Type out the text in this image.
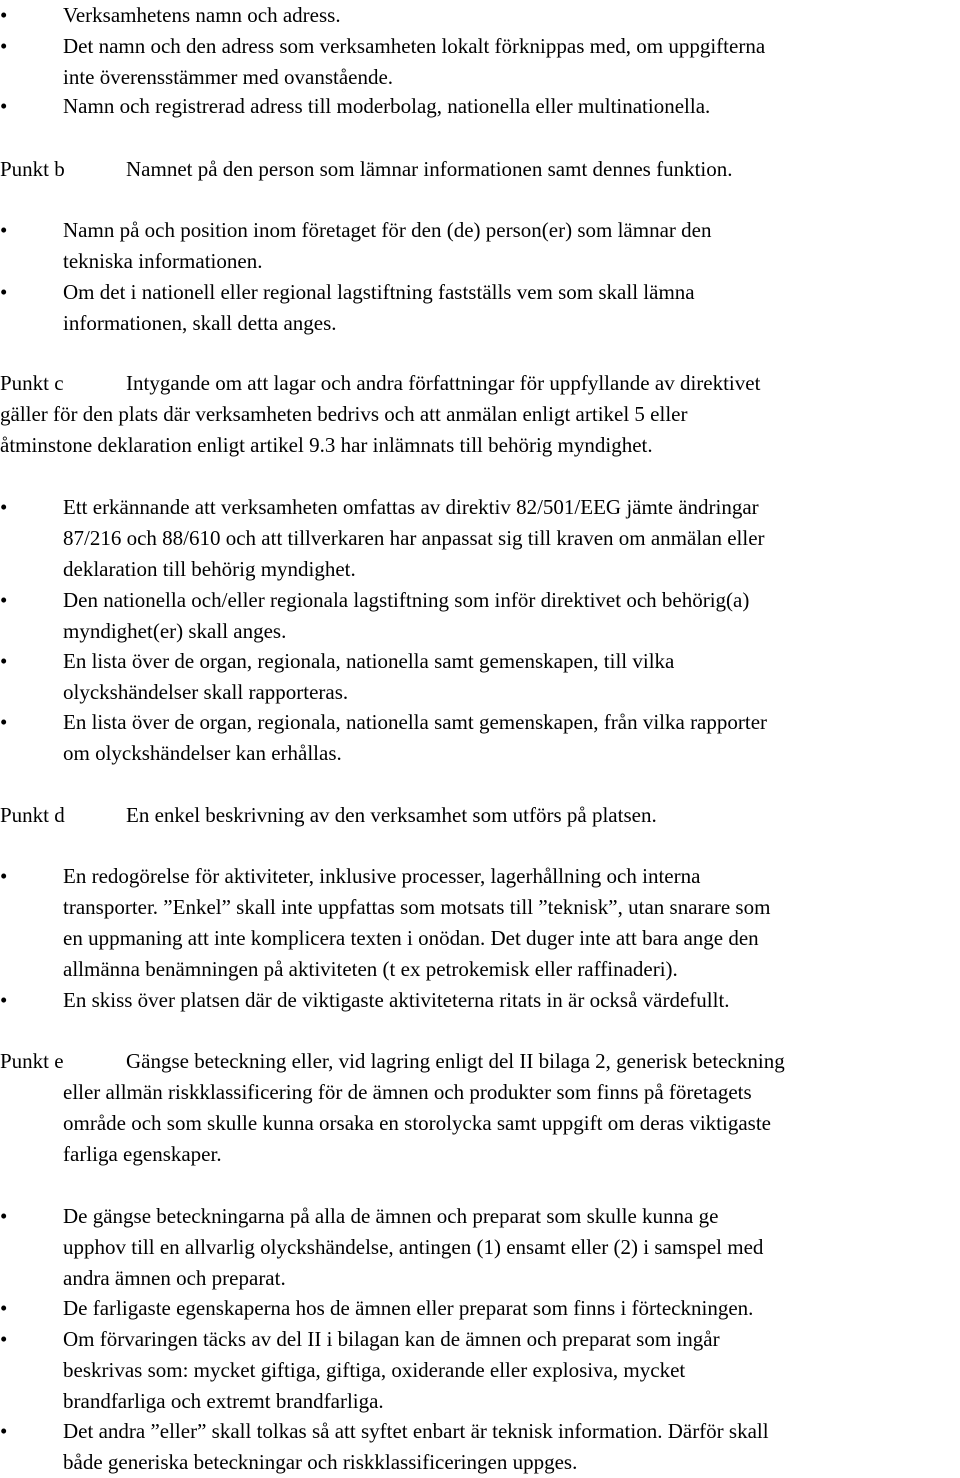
•	Verksamhetens namn och adress.
•	Det namn och den adress som verksamheten lokalt förknippas med, om uppgifterna
inte överensstämmer med ovanstående.
•	Namn och registrerad adress till moderbolag, nationella eller multinationella.
Punkt b	Namnet på den person som lämnar informationen samt dennes funktion.
•	Namn på och position inom företaget för den (de) person(er) som lämnar den
tekniska informationen.
•	Om det i nationell eller regional lagstiftning fastställs vem som skall lämna
informationen, skall detta anges.
Punkt c	Intygande om att lagar och andra författningar för uppfyllande av direktivet
gäller för den plats där verksamheten bedrivs och att anmälan enligt artikel 5 eller
åtminstone deklaration enligt artikel 9.3 har inlämnats till behörig myndighet.
•	Ett erkännande att verksamheten omfattas av direktiv 82/501/EEG jämte ändringar
87/216 och 88/610 och att tillverkaren har anpassat sig till kraven om anmälan eller
deklaration till behörig myndighet.
•	Den nationella och/eller regionala lagstiftning som inför direktivet och behörig(a)
myndighet(er) skall anges.
•	En lista över de organ, regionala, nationella samt gemenskapen, till vilka
olyckshändelser skall rapporteras.
•	En lista över de organ, regionala, nationella samt gemenskapen, från vilka rapporter
om olyckshändelser kan erhållas.
Punkt d	En enkel beskrivning av den verksamhet som utförs på platsen.
•	En redogörelse för aktiviteter, inklusive processer, lagerhållning och interna
transporter. ”Enkel” skall inte uppfattas som motsats till ”teknisk”, utan snarare som
en uppmaning att inte komplicera texten i onödan. Det duger inte att bara ange den
allmänna benämningen på aktiviteten (t ex petrokemisk eller raffinaderi).
•	En skiss över platsen där de viktigaste aktiviteterna ritats in är också värdefullt.
Punkt e	Gängse beteckning eller, vid lagring enligt del II bilaga 2, generisk beteckning
eller allmän riskklassificering för de ämnen och produkter som finns på företagets
område och som skulle kunna orsaka en storolycka samt uppgift om deras viktigaste
farliga egenskaper.
•	De gängse beteckningarna på alla de ämnen och preparat som skulle kunna ge
upphov till en allvarlig olyckshändelse, antingen (1) ensamt eller (2) i samspel med
andra ämnen och preparat.
•	De farligaste egenskaperna hos de ämnen eller preparat som finns i förteckningen.
•	Om förvaringen täcks av del II i bilagan kan de ämnen och preparat som ingår
beskrivas som: mycket giftiga, giftiga, oxiderande eller explosiva, mycket
brandfarliga och extremt brandfarliga.
•	Det andra ”eller” skall tolkas så att syftet enbart är teknisk information. Därför skall
både generiska beteckningar och riskklassificeringen uppges.
